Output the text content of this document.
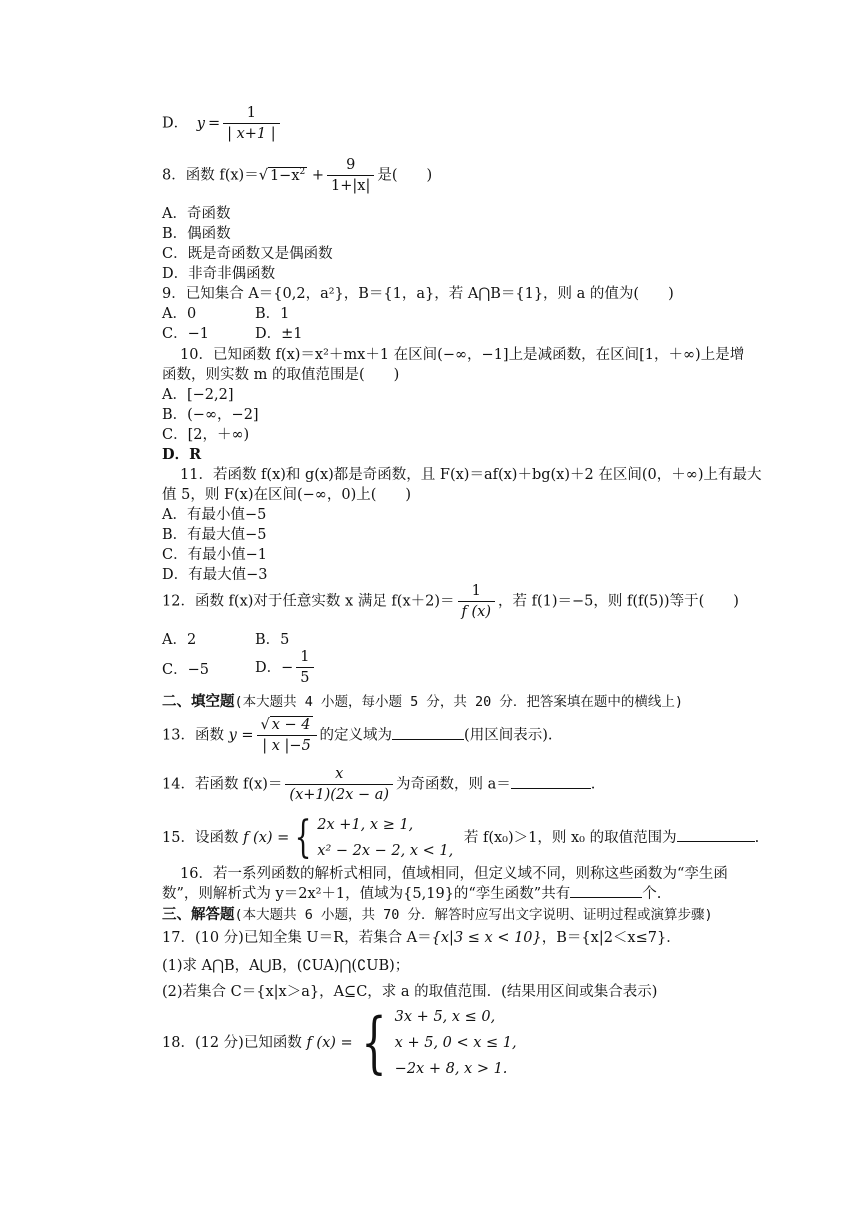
D． $y = \frac{1}{| x+1 |}$
8．函数 f(x)＝√ $1-x^2 + \frac{9}{1+|x|}$ 是(　　)
A．奇函数
B．偶函数
C．既是奇函数又是偶函数
D．非奇非偶函数
9．已知集合 A＝{0,2，a²}，B＝{1，a}，若 A⋂B＝{1}，则 a 的值为(　　)
A．0	B．1
C．−1	D．±1
10．已知函数 f(x)＝x²＋mx＋1 在区间(−∞，−1]上是减函数，在区间[1，＋∞)上是增
函数，则实数 m 的取值范围是(　　)
A．[−2,2]
B．(−∞，−2]
C．[2，＋∞)
D．R
11．若函数 f(x)和 g(x)都是奇函数，且 F(x)＝af(x)＋bg(x)＋2 在区间(0，＋∞)上有最大
值 5，则 F(x)在区间(−∞，0)上(　　)
A．有最小值−5
B．有最大值−5
C．有最小值−1
D．有最大值−3
12．函数 f(x)对于任意实数 x 满足 $f(x+2)= \frac{1}{f (x)}$ ，若 f(1)＝−5，则 f(f(5))等于(　　)
A．2	B．5
C．−5	D．− $\frac{1}{5}$
二、填空题(本大题共 4 小题，每小题 5 分，共 20 分．把答案填在题中的横线上)
13．函数 $y = \frac{√ x - 4}{| x |-5}$ 的定义域为	(用区间表示).
14．若函数 $f(x)= \frac{x}{(x+1)(2x - a)}$ 为奇函数，则 a＝	.
15．设函数 f (x) = { 2x +1, x ≥ 1,
x² − 2x − 2, x < 1,
若 f(x₀)＞1，则 x₀ 的取值范围为	.
16．若一系列函数的解析式相同，值域相同，但定义域不同，则称这些函数为“孪生函
数”，则解析式为 y＝2x²＋1，值域为{5,19}的“孪生函数”共有	个.
三、解答题(本大题共 6 小题，共 70 分．解答时应写出文字说明、证明过程或演算步骤)
17．(10 分)已知全集 U＝R，若集合 A＝{x|3 ≤ x < 10}，B＝{x|2＜x≤7}．
(1)求 A⋂B，A⋃B，(∁UA)⋂(∁UB)；
(2)若集合 C＝{x|x＞a}，A⊆C，求 a 的取值范围．(结果用区间或集合表示)
18．(12 分)已知函数 f (x) = { 3x + 5, x ≤ 0,
x + 5, 0 < x ≤ 1,
−2x + 8, x > 1.
